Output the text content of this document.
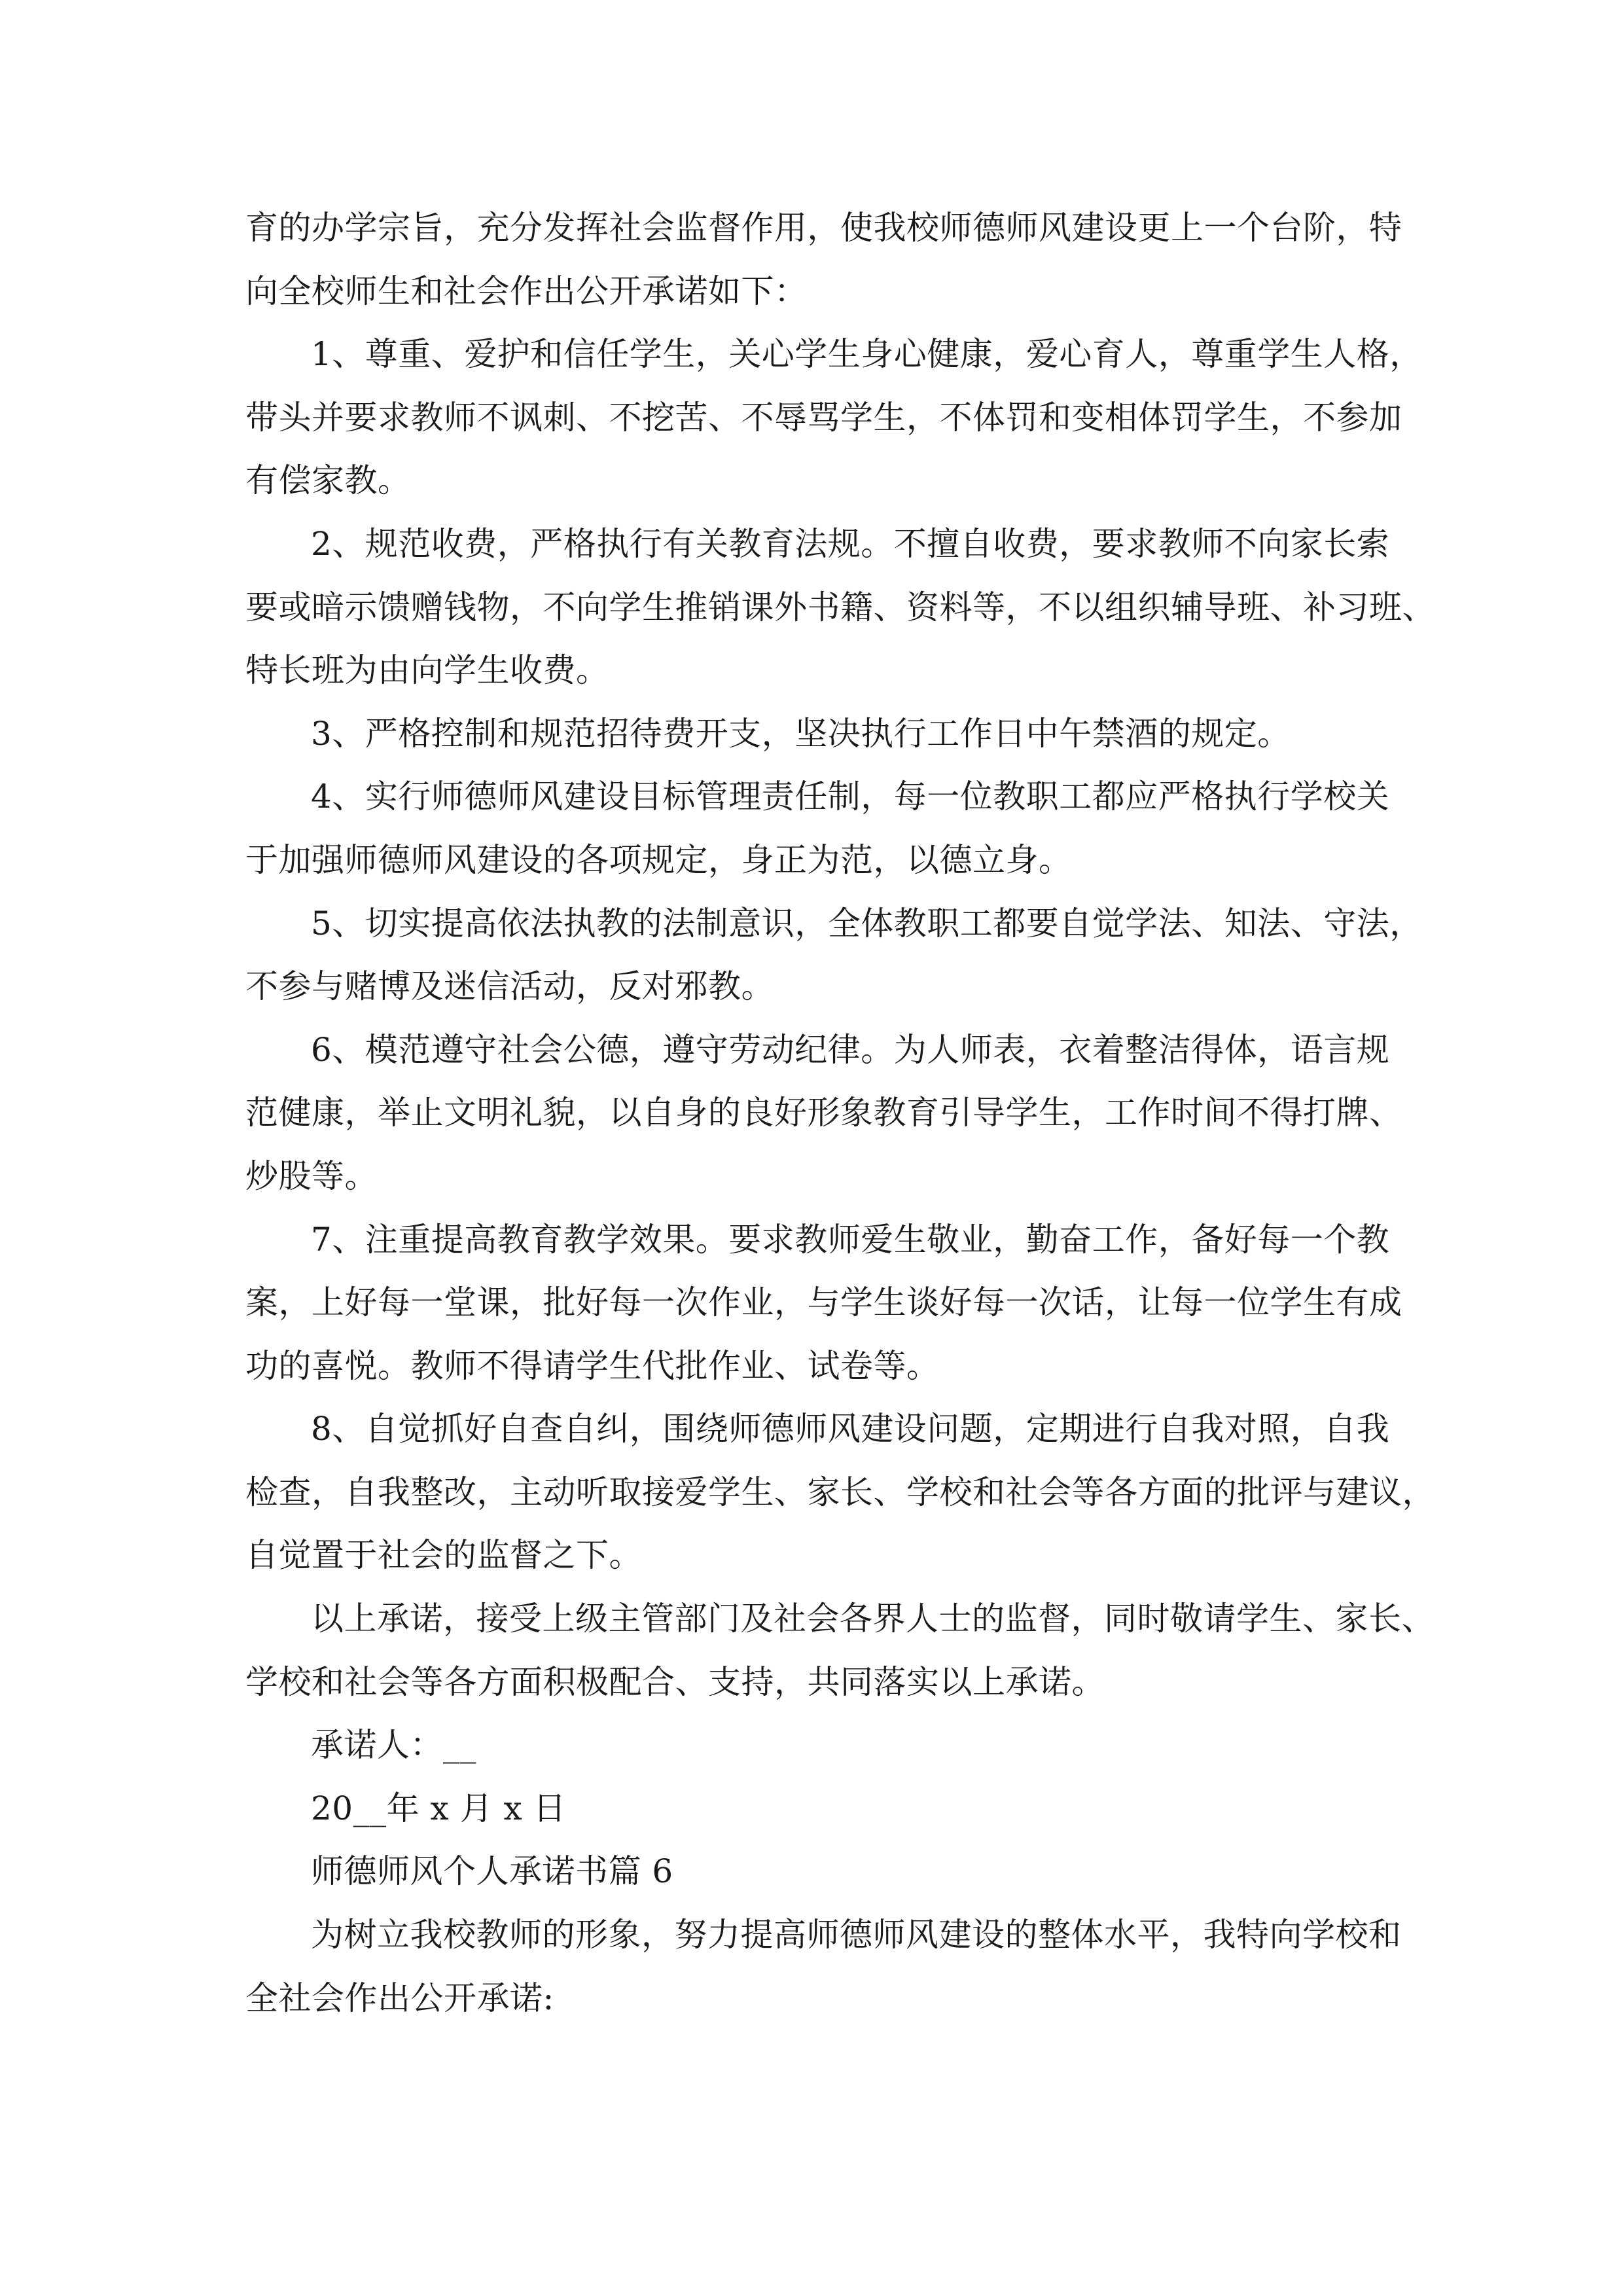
育的办学宗旨，充分发挥社会监督作用，使我校师德师风建设更上一个台阶，特
向全校师生和社会作出公开承诺如下：
1、尊重、爱护和信任学生，关心学生身心健康，爱心育人，尊重学生人格，
带头并要求教师不讽刺、不挖苦、不辱骂学生，不体罚和变相体罚学生，不参加
有偿家教。
2、规范收费，严格执行有关教育法规。不擅自收费，要求教师不向家长索
要或暗示馈赠钱物，不向学生推销课外书籍、资料等，不以组织辅导班、补习班、
特长班为由向学生收费。
3、严格控制和规范招待费开支，坚决执行工作日中午禁酒的规定。
4、实行师德师风建设目标管理责任制，每一位教职工都应严格执行学校关
于加强师德师风建设的各项规定，身正为范，以德立身。
5、切实提高依法执教的法制意识，全体教职工都要自觉学法、知法、守法，
不参与赌博及迷信活动，反对邪教。
6、模范遵守社会公德，遵守劳动纪律。为人师表，衣着整洁得体，语言规
范健康，举止文明礼貌，以自身的良好形象教育引导学生，工作时间不得打牌、
炒股等。
7、注重提高教育教学效果。要求教师爱生敬业，勤奋工作，备好每一个教
案，上好每一堂课，批好每一次作业，与学生谈好每一次话，让每一位学生有成
功的喜悦。教师不得请学生代批作业、试卷等。
8、自觉抓好自查自纠，围绕师德师风建设问题，定期进行自我对照，自我
检查，自我整改，主动听取接爱学生、家长、学校和社会等各方面的批评与建议，
自觉置于社会的监督之下。
以上承诺，接受上级主管部门及社会各界人士的监督，同时敬请学生、家长、
学校和社会等各方面积极配合、支持，共同落实以上承诺。
承诺人：__
20__年 x 月 x 日
师德师风个人承诺书篇 6
为树立我校教师的形象，努力提高师德师风建设的整体水平，我特向学校和
全社会作出公开承诺:
